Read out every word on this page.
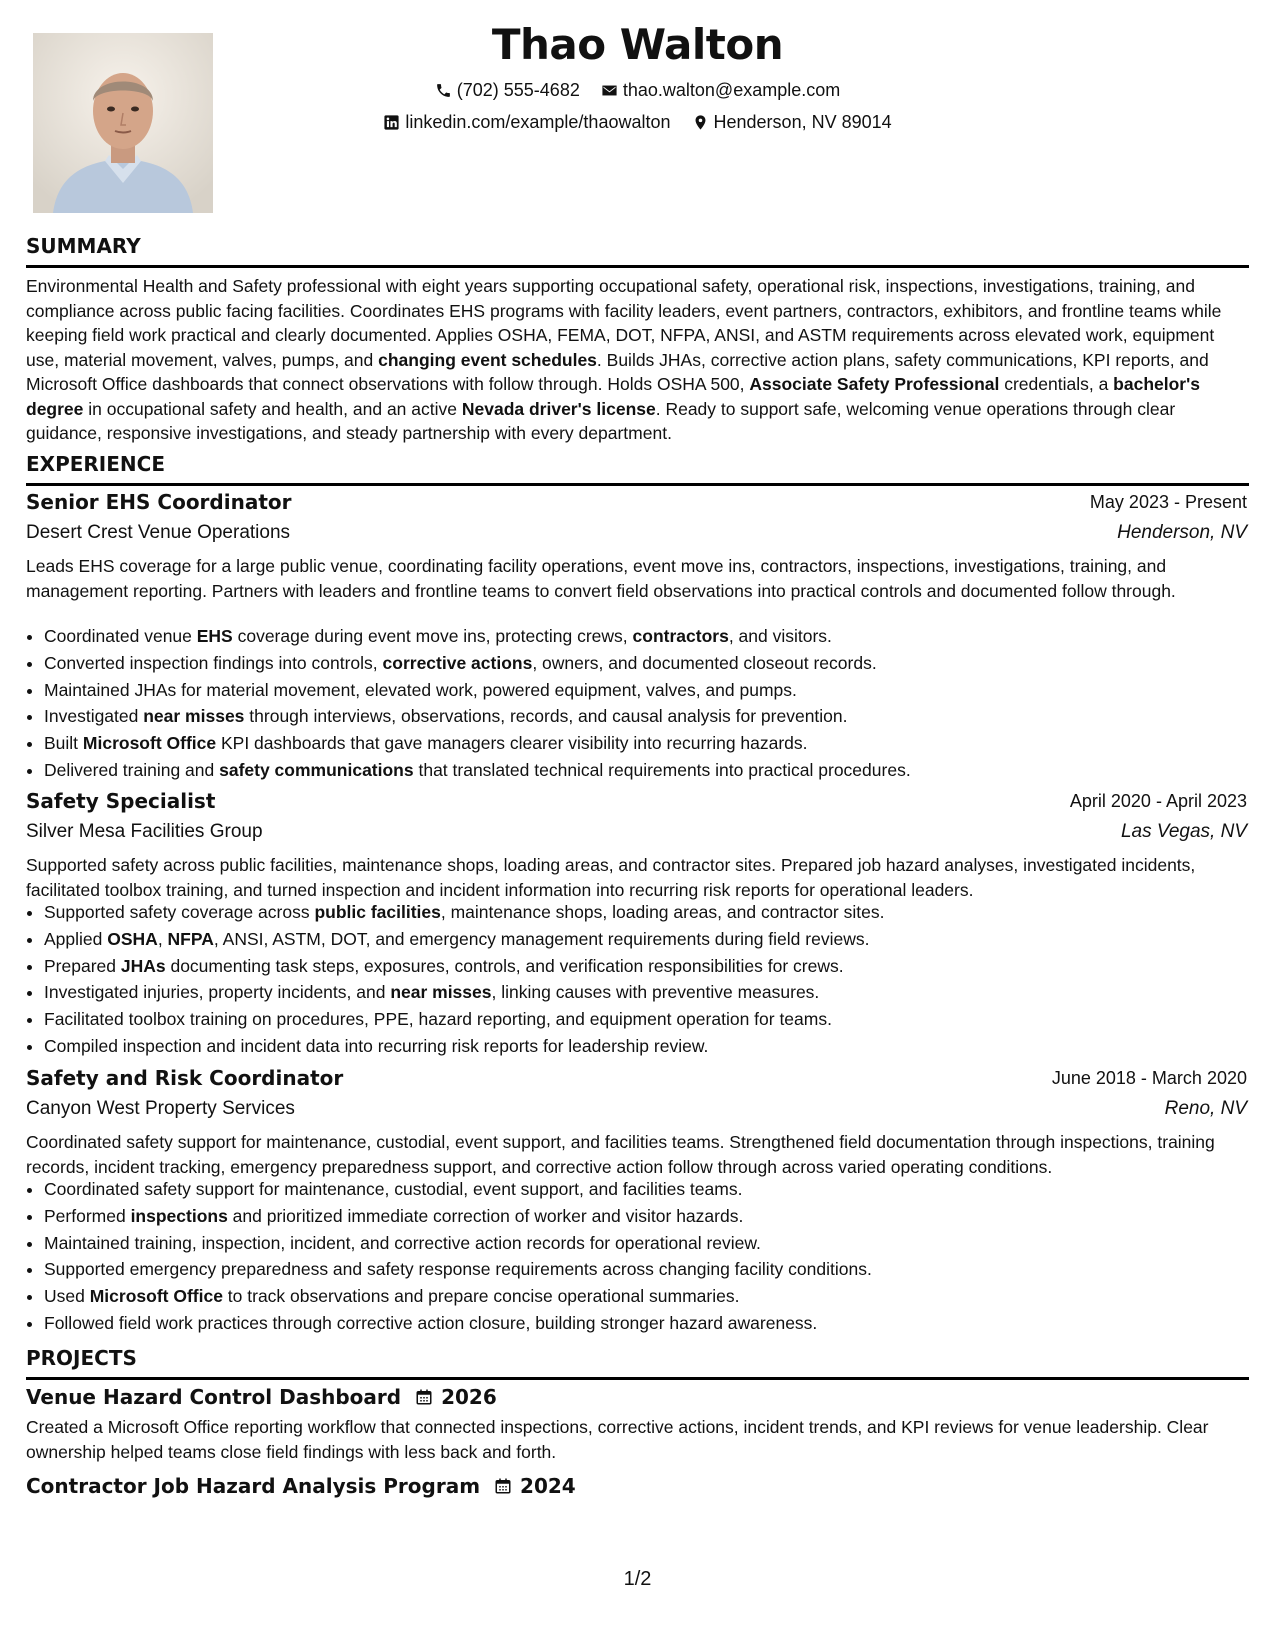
Thao Walton
(702) 555-4682
thao.walton@example.com
linkedin.com/example/thaowalton
Henderson, NV 89014
SUMMARY
Environmental Health and Safety professional with eight years supporting occupational safety, operational risk, inspections, investigations, training, and compliance across public facing facilities. Coordinates EHS programs with facility leaders, event partners, contractors, exhibitors, and frontline teams while keeping field work practical and clearly documented. Applies OSHA, FEMA, DOT, NFPA, ANSI, and ASTM requirements across elevated work, equipment use, material movement, valves, pumps, and changing event schedules. Builds JHAs, corrective action plans, safety communications, KPI reports, and Microsoft Office dashboards that connect observations with follow through. Holds OSHA 500, Associate Safety Professional credentials, a bachelor's degree in occupational safety and health, and an active Nevada driver's license. Ready to support safe, welcoming venue operations through clear guidance, responsive investigations, and steady partnership with every department.
EXPERIENCE
Senior EHS Coordinator	May 2023 - Present
Desert Crest Venue Operations	Henderson, NV
Leads EHS coverage for a large public venue, coordinating facility operations, event move ins, contractors, inspections, investigations, training, and management reporting. Partners with leaders and frontline teams to convert field observations into practical controls and documented follow through.
• Coordinated venue EHS coverage during event move ins, protecting crews, contractors, and visitors.
• Converted inspection findings into controls, corrective actions, owners, and documented closeout records.
• Maintained JHAs for material movement, elevated work, powered equipment, valves, and pumps.
• Investigated near misses through interviews, observations, records, and causal analysis for prevention.
• Built Microsoft Office KPI dashboards that gave managers clearer visibility into recurring hazards.
• Delivered training and safety communications that translated technical requirements into practical procedures.
Safety Specialist	April 2020 - April 2023
Silver Mesa Facilities Group	Las Vegas, NV
Supported safety across public facilities, maintenance shops, loading areas, and contractor sites. Prepared job hazard analyses, investigated incidents, facilitated toolbox training, and turned inspection and incident information into recurring risk reports for operational leaders.
• Supported safety coverage across public facilities, maintenance shops, loading areas, and contractor sites.
• Applied OSHA, NFPA, ANSI, ASTM, DOT, and emergency management requirements during field reviews.
• Prepared JHAs documenting task steps, exposures, controls, and verification responsibilities for crews.
• Investigated injuries, property incidents, and near misses, linking causes with preventive measures.
• Facilitated toolbox training on procedures, PPE, hazard reporting, and equipment operation for teams.
• Compiled inspection and incident data into recurring risk reports for leadership review.
Safety and Risk Coordinator	June 2018 - March 2020
Canyon West Property Services	Reno, NV
Coordinated safety support for maintenance, custodial, event support, and facilities teams. Strengthened field documentation through inspections, training records, incident tracking, emergency preparedness support, and corrective action follow through across varied operating conditions.
• Coordinated safety support for maintenance, custodial, event support, and facilities teams.
• Performed inspections and prioritized immediate correction of worker and visitor hazards.
• Maintained training, inspection, incident, and corrective action records for operational review.
• Supported emergency preparedness and safety response requirements across changing facility conditions.
• Used Microsoft Office to track observations and prepare concise operational summaries.
• Followed field work practices through corrective action closure, building stronger hazard awareness.
PROJECTS
Venue Hazard Control Dashboard 2026
Created a Microsoft Office reporting workflow that connected inspections, corrective actions, incident trends, and KPI reviews for venue leadership. Clear ownership helped teams close field findings with less back and forth.
Contractor Job Hazard Analysis Program 2024
1/2
